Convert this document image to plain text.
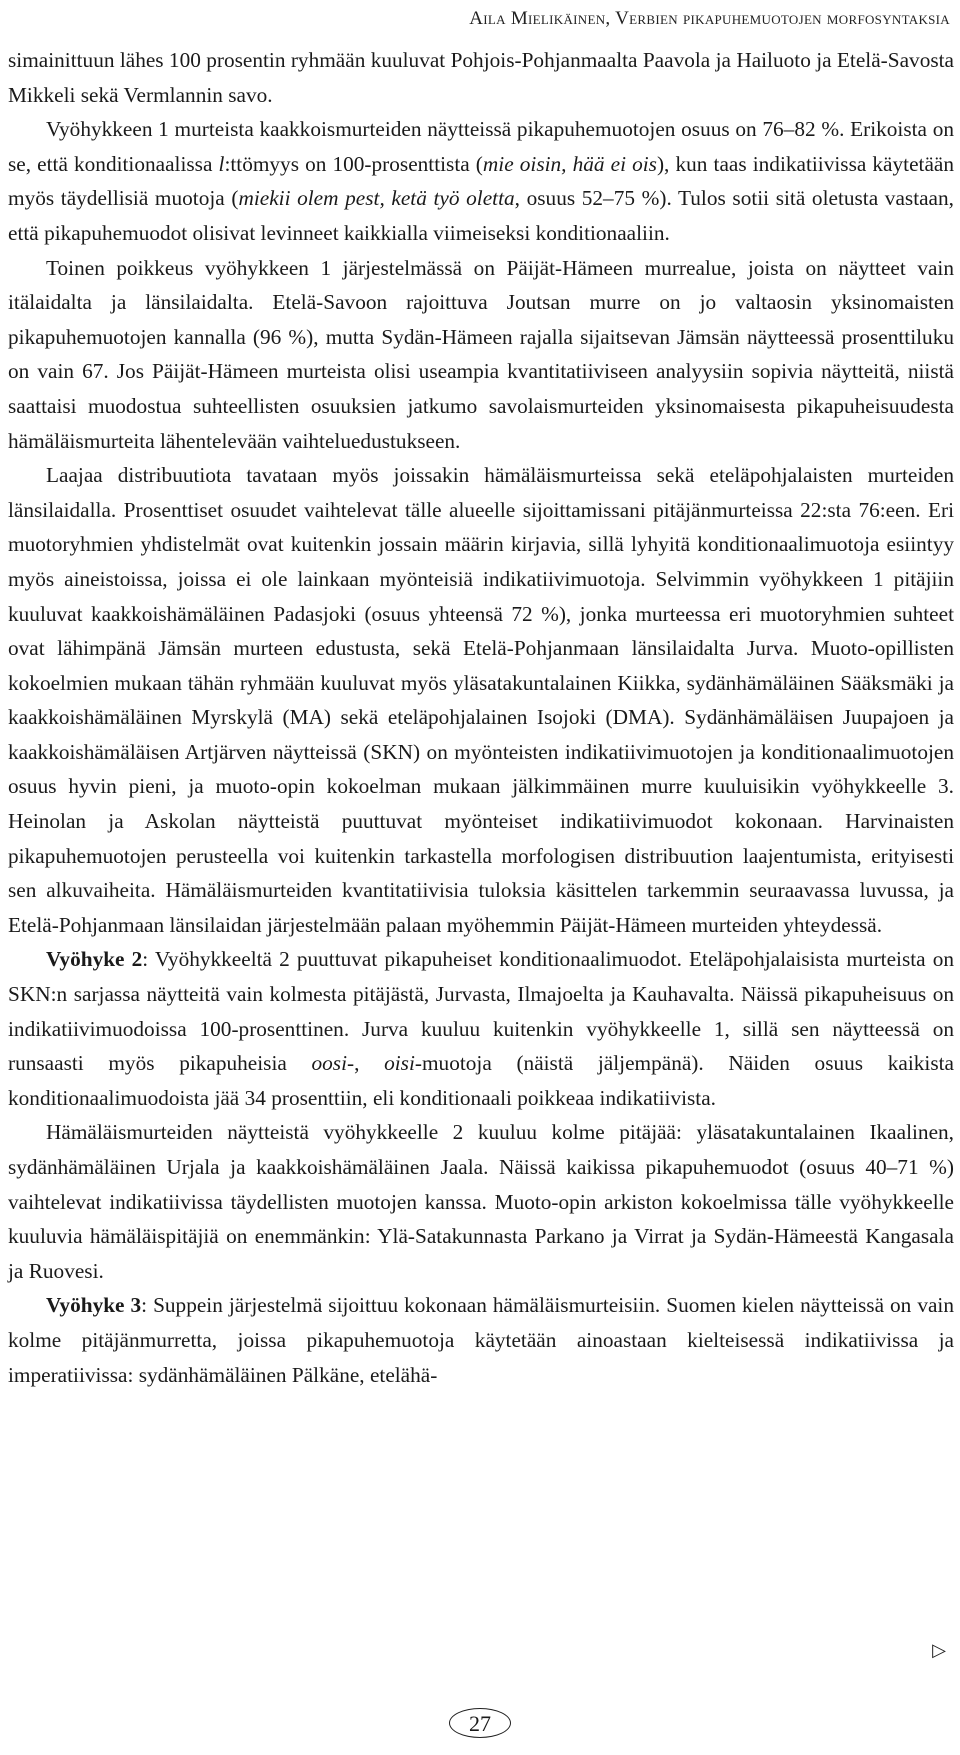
Aila Mielikäinen, Verbien pikapuhemuotojen morfosyntaksia

simainittuun lähes 100 prosentin ryhmään kuuluvat Pohjois-Pohjanmaalta Paavola ja Hailuoto ja Etelä-Savosta Mikkeli sekä Vermlannin savo.

Vyöhykkeen 1 murteista kaakkoismurteiden näytteissä pikapuhemuotojen osuus on 76–82 %. Erikoista on se, että konditionaalissa l:ttömyys on 100-prosenttista (mie oisin, hää ei ois), kun taas indikatiivissa käytetään myös täydellisiä muotoja (miekii olem pest, ketä työ oletta, osuus 52–75 %). Tulos sotii sitä oletusta vastaan, että pikapuhemuodot olisivat levinneet kaikkialla viimeiseksi konditionaaliin.

Toinen poikkeus vyöhykkeen 1 järjestelmässä on Päijät-Hämeen murrealue, joista on näytteet vain itälaidalta ja länsilaidalta. Etelä-Savoon rajoittuva Joutsan murre on jo valtaosin yksinomaisten pikapuhemuotojen kannalla (96 %), mutta Sydän-Hämeen rajalla sijaitsevan Jämsän näytteessä prosenttiluku on vain 67. Jos Päijät-Hämeen murteista olisi useampia kvantitatiiviseen analyysiin sopivia näytteitä, niistä saattaisi muodostua suhteellisten osuuksien jatkumo savolaismurteiden yksinomaisesta pikapuheisuudesta hämäläismurteita lähentelevään vaihteluedustukseen.

Laajaa distribuutiota tavataan myös joissakin hämäläismurteissa sekä eteläpohjalaisten murteiden länsilaidalla. Prosenttiset osuudet vaihtelevat tälle alueelle sijoittamissani pitäjänmurteissa 22:sta 76:een. Eri muotoryhmien yhdistelmät ovat kuitenkin jossain määrin kirjavia, sillä lyhyitä konditionaalimuotoja esiintyy myös aineistoissa, joissa ei ole lainkaan myönteisiä indikatiivimuotoja. Selvimmin vyöhykkeen 1 pitäjiin kuuluvat kaakkoishämäläinen Padasjoki (osuus yhteensä 72 %), jonka murteessa eri muotoryhmien suhteet ovat lähimpänä Jämsän murteen edustusta, sekä Etelä-Pohjanmaan länsilaidalta Jurva. Muoto-opillisten kokoelmien mukaan tähän ryhmään kuuluvat myös yläsatakuntalainen Kiikka, sydänhämäläinen Sääksmäki ja kaakkoishämäläinen Myrskylä (MA) sekä eteläpohjalainen Isojoki (DMA). Sydänhämäläisen Juupajoen ja kaakkoishämäläisen Artjärven näytteissä (SKN) on myönteisten indikatiivimuotojen ja konditionaalimuotojen osuus hyvin pieni, ja muoto-opin kokoelman mukaan jälkimmäinen murre kuuluisikin vyöhykkeelle 3. Heinolan ja Askolan näytteistä puuttuvat myönteiset indikatiivimuodot kokonaan. Harvinaisten pikapuhemuotojen perusteella voi kuitenkin tarkastella morfologisen distribuution laajentumista, erityisesti sen alkuvaiheita. Hämäläismurteiden kvantitatiivisia tuloksia käsittelen tarkemmin seuraavassa luvussa, ja Etelä-Pohjanmaan länsilaidan järjestelmään palaan myöhemmin Päijät-Hämeen murteiden yhteydessä.

Vyöhyke 2: Vyöhykkeeltä 2 puuttuvat pikapuheiset konditionaalimuodot. Eteläpohjalaisista murteista on SKN:n sarjassa näytteitä vain kolmesta pitäjästä, Jurvasta, Ilmajoelta ja Kauhavalta. Näissä pikapuheisuus on indikatiivimuodoissa 100-prosenttinen. Jurva kuuluu kuitenkin vyöhykkeelle 1, sillä sen näytteessä on runsaasti myös pikapuheisia oosi-, oisi-muotoja (näistä jäljempänä). Näiden osuus kaikista konditionaalimuodoista jää 34 prosenttiin, eli konditionaali poikkeaa indikatiivista.

Hämäläismurteiden näytteistä vyöhykkeelle 2 kuuluu kolme pitäjää: yläsatakuntalainen Ikaalinen, sydänhämäläinen Urjala ja kaakkoishämäläinen Jaala. Näissä kaikissa pikapuhemuodot (osuus 40–71 %) vaihtelevat indikatiivissa täydellisten muotojen kanssa. Muoto-opin arkiston kokoelmissa tälle vyöhykkeelle kuuluvia hämäläispitäjiä on enemmänkin: Ylä-Satakunnasta Parkano ja Virrat ja Sydän-Hämeestä Kangasala ja Ruovesi.

Vyöhyke 3: Suppein järjestelmä sijoittuu kokonaan hämäläismurteisiin. Suomen kielen näytteissä on vain kolme pitäjänmurretta, joissa pikapuhemuotoja käytetään ainoastaan kielteisessä indikatiivissa ja imperatiivissa: sydänhämäläinen Pälkäne, etelähä-

▷
27
